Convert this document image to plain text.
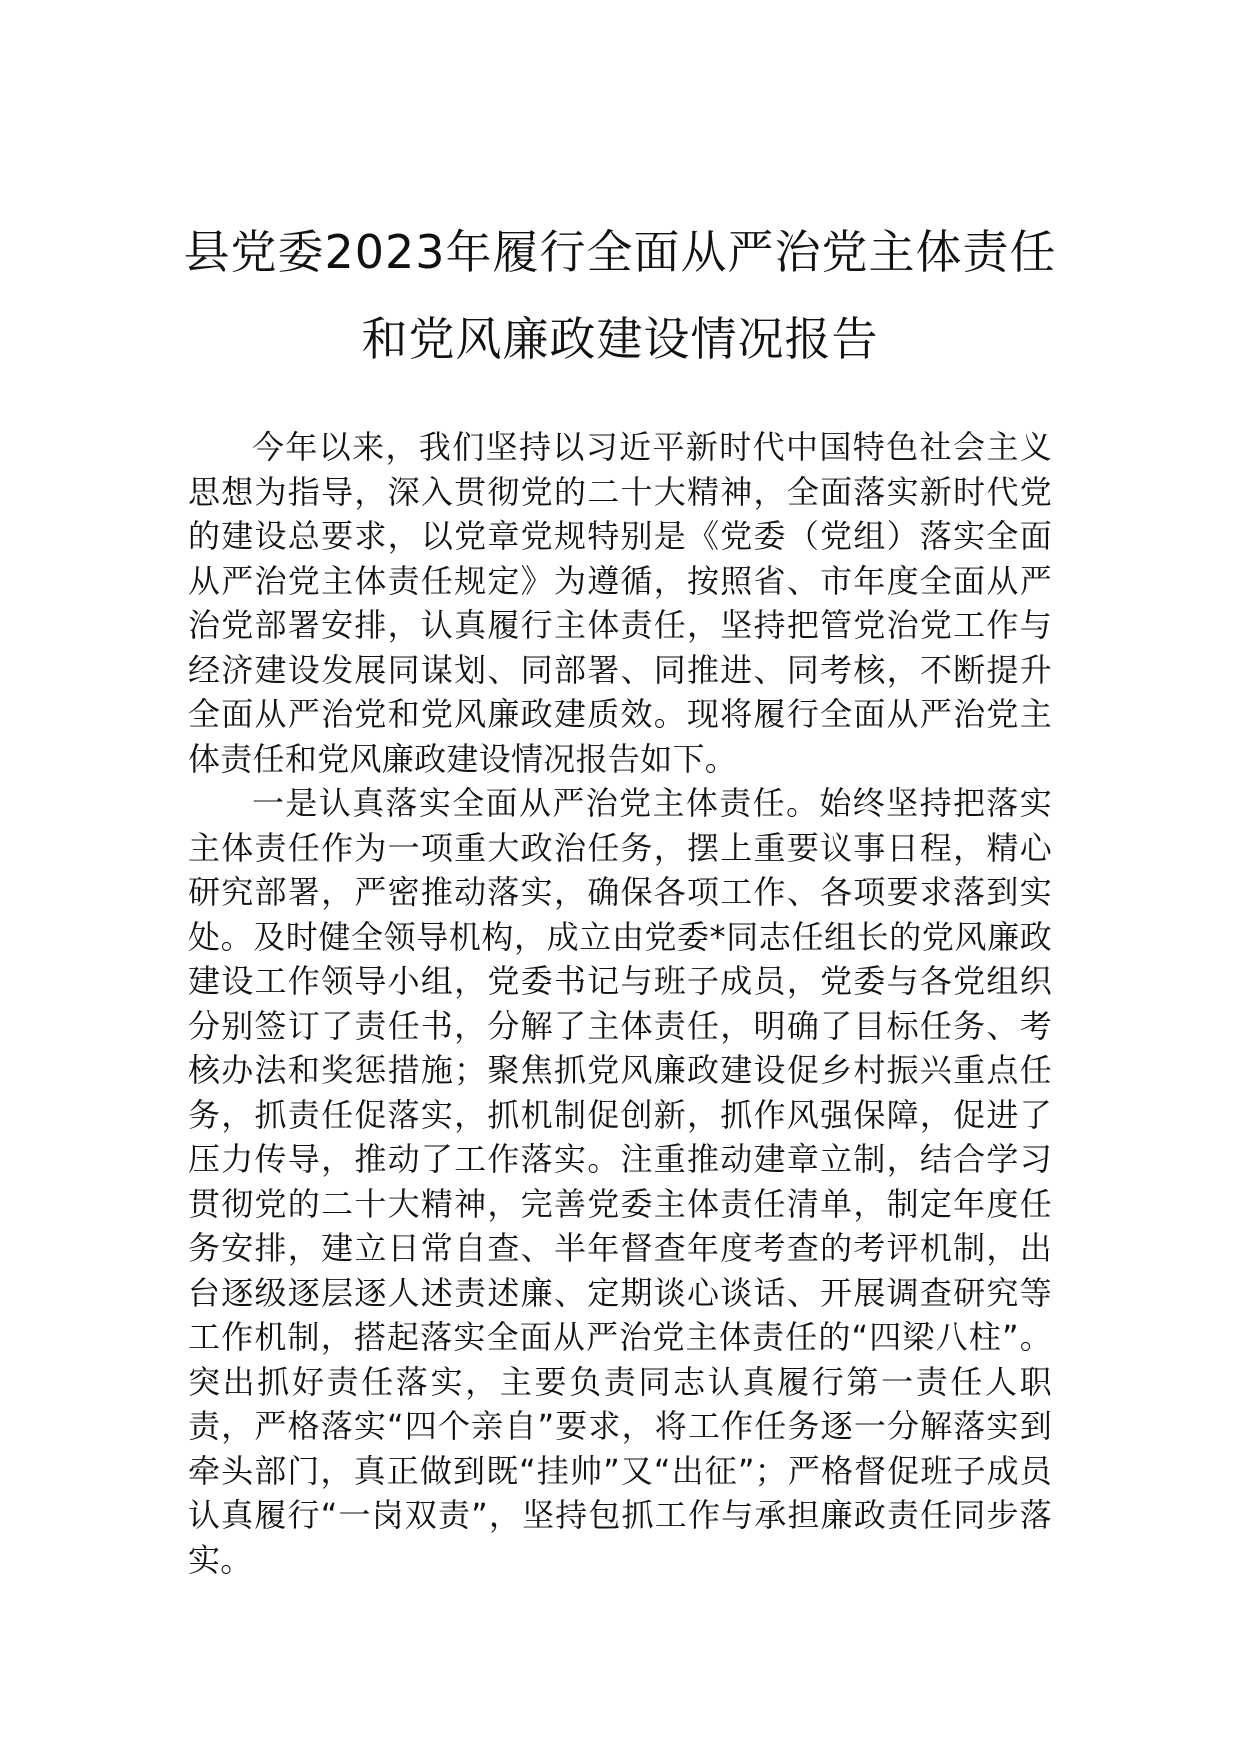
县党委2023年履行全面从严治党主体责任
和党风廉政建设情况报告

今年以来，我们坚持以习近平新时代中国特色社会主义思想为指导，深入贯彻党的二十大精神，全面落实新时代党的建设总要求，以党章党规特别是《党委（党组）落实全面从严治党主体责任规定》为遵循，按照省、市年度全面从严治党部署安排，认真履行主体责任，坚持把管党治党工作与经济建设发展同谋划、同部署、同推进、同考核，不断提升全面从严治党和党风廉政建质效。现将履行全面从严治党主体责任和党风廉政建设情况报告如下。

一是认真落实全面从严治党主体责任。始终坚持把落实主体责任作为一项重大政治任务，摆上重要议事日程，精心研究部署，严密推动落实，确保各项工作、各项要求落到实处。及时健全领导机构，成立由党委*同志任组长的党风廉政建设工作领导小组，党委书记与班子成员，党委与各党组织分别签订了责任书，分解了主体责任，明确了目标任务、考核办法和奖惩措施；聚焦抓党风廉政建设促乡村振兴重点任务，抓责任促落实，抓机制促创新，抓作风强保障，促进了压力传导，推动了工作落实。注重推动建章立制，结合学习贯彻党的二十大精神，完善党委主体责任清单，制定年度任务安排，建立日常自查、半年督查年度考查的考评机制，出台逐级逐层逐人述责述廉、定期谈心谈话、开展调查研究等工作机制，搭起落实全面从严治党主体责任的“四梁八柱”。突出抓好责任落实，主要负责同志认真履行第一责任人职责，严格落实“四个亲自”要求，将工作任务逐一分解落实到牵头部门，真正做到既“挂帅”又“出征”；严格督促班子成员认真履行“一岗双责”，坚持包抓工作与承担廉政责任同步落实。
